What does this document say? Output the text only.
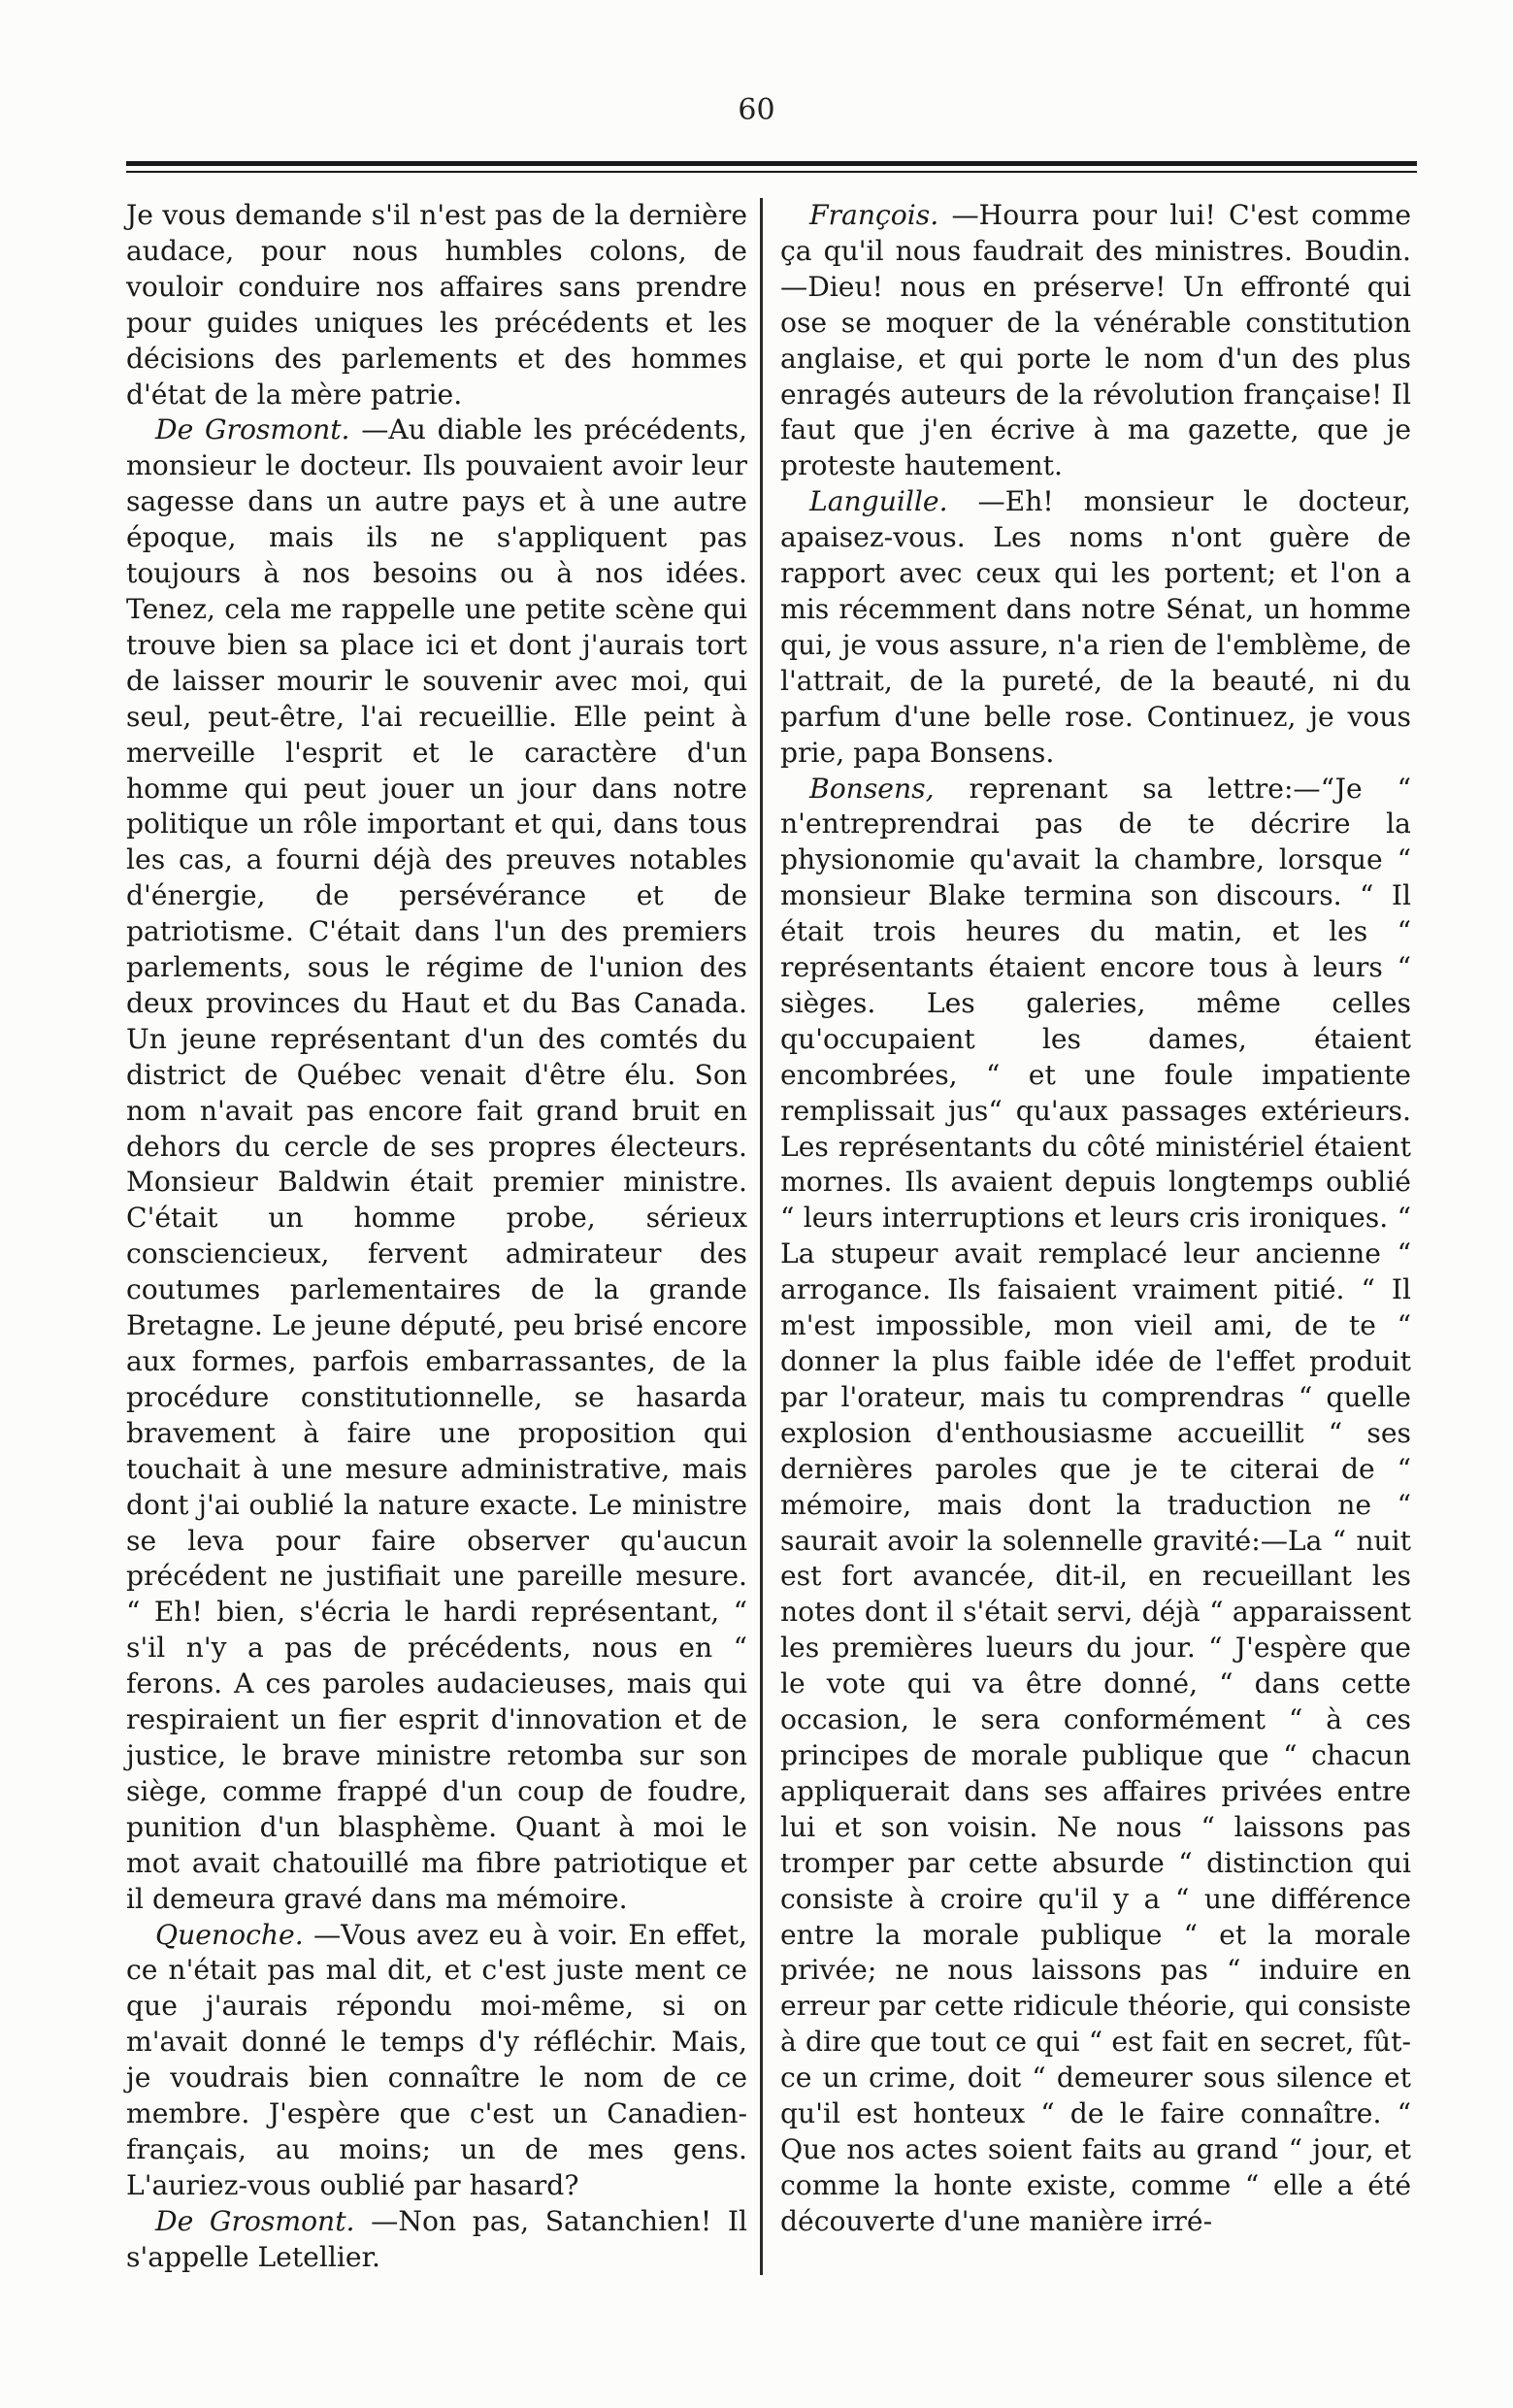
60

Je vous demande s'il n'est pas de la dernière audace, pour nous humbles colons, de vouloir conduire nos affaires sans prendre pour guides uniques les précédents et les décisions des parlements et des hommes d'état de la mère patrie.

De Grosmont. —Au diable les précédents, monsieur le docteur. Ils pouvaient avoir leur sagesse dans un autre pays et à une autre époque, mais ils ne s'appliquent pas toujours à nos besoins ou à nos idées. Tenez, cela me rappelle une petite scène qui trouve bien sa place ici et dont j'aurais tort de laisser mourir le souvenir avec moi, qui seul, peut-être, l'ai recueillie. Elle peint à merveille l'esprit et le caractère d'un homme qui peut jouer un jour dans notre politique un rôle important et qui, dans tous les cas, a fourni déjà des preuves notables d'énergie, de persévérance et de patriotisme. C'était dans l'un des premiers parlements, sous le régime de l'union des deux provinces du Haut et du Bas Canada. Un jeune représentant d'un des comtés du district de Québec venait d'être élu. Son nom n'avait pas encore fait grand bruit en dehors du cercle de ses propres électeurs. Monsieur Baldwin était premier ministre. C'était un homme probe, sérieux consciencieux, fervent admirateur des coutumes parlementaires de la grande Bretagne. Le jeune député, peu brisé encore aux formes, parfois embarrassantes, de la procédure constitutionnelle, se hasarda bravement à faire une proposition qui touchait à une mesure administrative, mais dont j'ai oublié la nature exacte. Le ministre se leva pour faire observer qu'aucun précédent ne justifiait une pareille mesure. “ Eh! bien, s'écria le hardi représentant, “ s'il n'y a pas de précédents, nous en “ ferons. A ces paroles audacieuses, mais qui respiraient un fier esprit d'innovation et de justice, le brave ministre retomba sur son siège, comme frappé d'un coup de foudre, punition d'un blasphème. Quant à moi le mot avait chatouillé ma fibre patriotique et il demeura gravé dans ma mémoire.

Quenoche. —Vous avez eu à voir. En effet, ce n'était pas mal dit, et c'est juste ment ce que j'aurais répondu moi-même, si on m'avait donné le temps d'y réfléchir. Mais, je voudrais bien connaître le nom de ce membre. J'espère que c'est un Canadien-français, au moins; un de mes gens. L'auriez-vous oublié par hasard?

De Grosmont. —Non pas, Satanchien! Il s'appelle Letellier.

François. —Hourra pour lui! C'est comme ça qu'il nous faudrait des ministres. Boudin.—Dieu! nous en préserve! Un effronté qui ose se moquer de la vénérable constitution anglaise, et qui porte le nom d'un des plus enragés auteurs de la révolution française! Il faut que j'en écrive à ma gazette, que je proteste hautement.

Languille. —Eh! monsieur le docteur, apaisez-vous. Les noms n'ont guère de rapport avec ceux qui les portent; et l'on a mis récemment dans notre Sénat, un homme qui, je vous assure, n'a rien de l'emblème, de l'attrait, de la pureté, de la beauté, ni du parfum d'une belle rose. Continuez, je vous prie, papa Bonsens.

Bonsens, reprenant sa lettre:—“Je “ n'entreprendrai pas de te décrire la physionomie qu'avait la chambre, lorsque “ monsieur Blake termina son discours. “ Il était trois heures du matin, et les “ représentants étaient encore tous à leurs “ sièges. Les galeries, même celles qu'occupaient les dames, étaient encombrées, “ et une foule impatiente remplissait jus“ qu'aux passages extérieurs. Les représentants du côté ministériel étaient mornes. Ils avaient depuis longtemps oublié “ leurs interruptions et leurs cris ironiques. “ La stupeur avait remplacé leur ancienne “ arrogance. Ils faisaient vraiment pitié. “ Il m'est impossible, mon vieil ami, de te “ donner la plus faible idée de l'effet produit par l'orateur, mais tu comprendras “ quelle explosion d'enthousiasme accueillit “ ses dernières paroles que je te citerai de “ mémoire, mais dont la traduction ne “ saurait avoir la solennelle gravité:—La “ nuit est fort avancée, dit-il, en recueillant les notes dont il s'était servi, déjà “ apparaissent les premières lueurs du jour. “ J'espère que le vote qui va être donné, “ dans cette occasion, le sera conformément “ à ces principes de morale publique que “ chacun appliquerait dans ses affaires privées entre lui et son voisin. Ne nous “ laissons pas tromper par cette absurde “ distinction qui consiste à croire qu'il y a “ une différence entre la morale publique “ et la morale privée; ne nous laissons pas “ induire en erreur par cette ridicule théorie, qui consiste à dire que tout ce qui “ est fait en secret, fût-ce un crime, doit “ demeurer sous silence et qu'il est honteux “ de le faire connaître. “ Que nos actes soient faits au grand “ jour, et comme la honte existe, comme “ elle a été découverte d'une manière irré-
